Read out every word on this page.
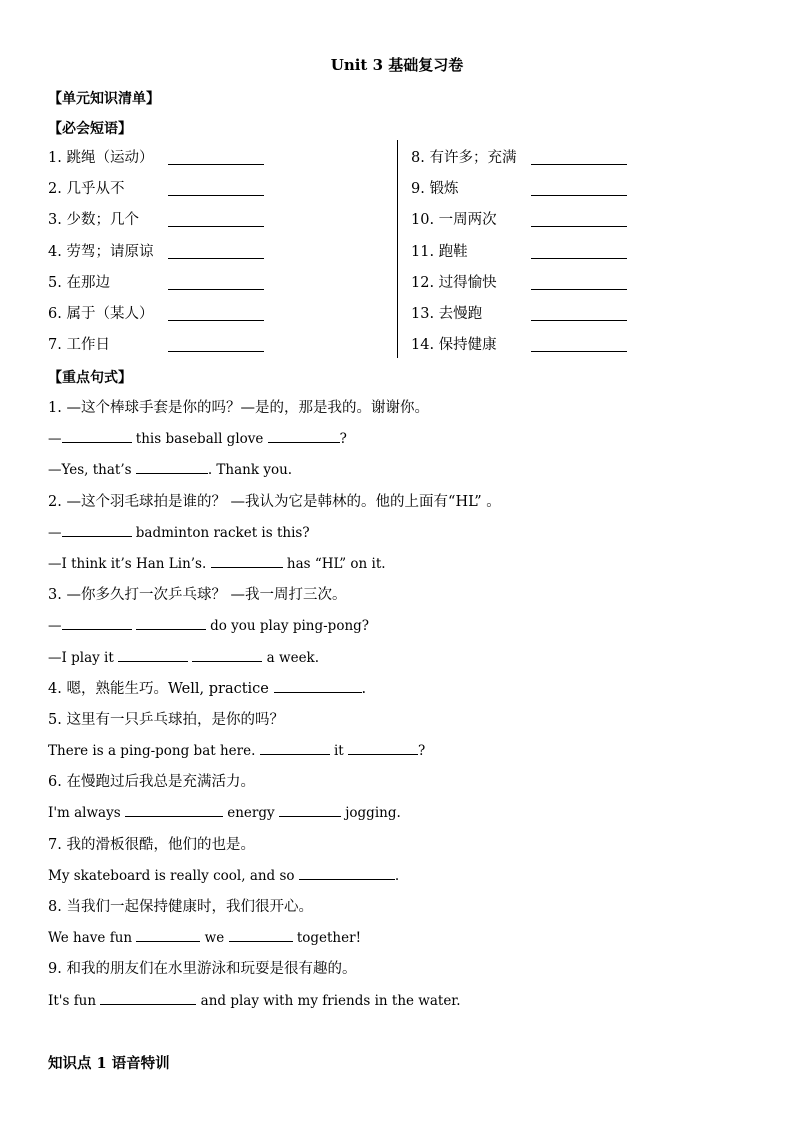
Unit 3 基础复习卷
【单元知识清单】
【必会短语】
1. 跳绳（运动）
2. 几乎从不
3. 少数；几个
4. 劳驾；请原谅
5. 在那边
6. 属于（某人）
7. 工作日
8. 有许多；充满
9. 锻炼
10. 一周两次
11. 跑鞋
12. 过得愉快
13. 去慢跑
14. 保持健康
【重点句式】
1. —这个棒球手套是你的吗？—是的，那是我的。谢谢你。
—	this baseball glove	?
—Yes, that’s	. Thank you.
2. —这个羽毛球拍是谁的？ —我认为它是韩林的。他的上面有“HL” 。
—	badminton racket is this?
—I think it’s Han Lin’s.	has “HL” on it.
3. —你多久打一次乒乓球？ —我一周打三次。
—	do you play ping-pong?
—I play it	a week.
4. 嗯，熟能生巧。Well, practice	.
5. 这里有一只乒乓球拍，是你的吗？
There is a ping-pong bat here.	it	?
6. 在慢跑过后我总是充满活力。
I'm always	energy	jogging.
7. 我的滑板很酷，他们的也是。
My skateboard is really cool, and so	.
8. 当我们一起保持健康时，我们很开心。
We have fun	we	together!
9. 和我的朋友们在水里游泳和玩耍是很有趣的。
It's fun	and play with my friends in the water.
知识点 1 语音特训
